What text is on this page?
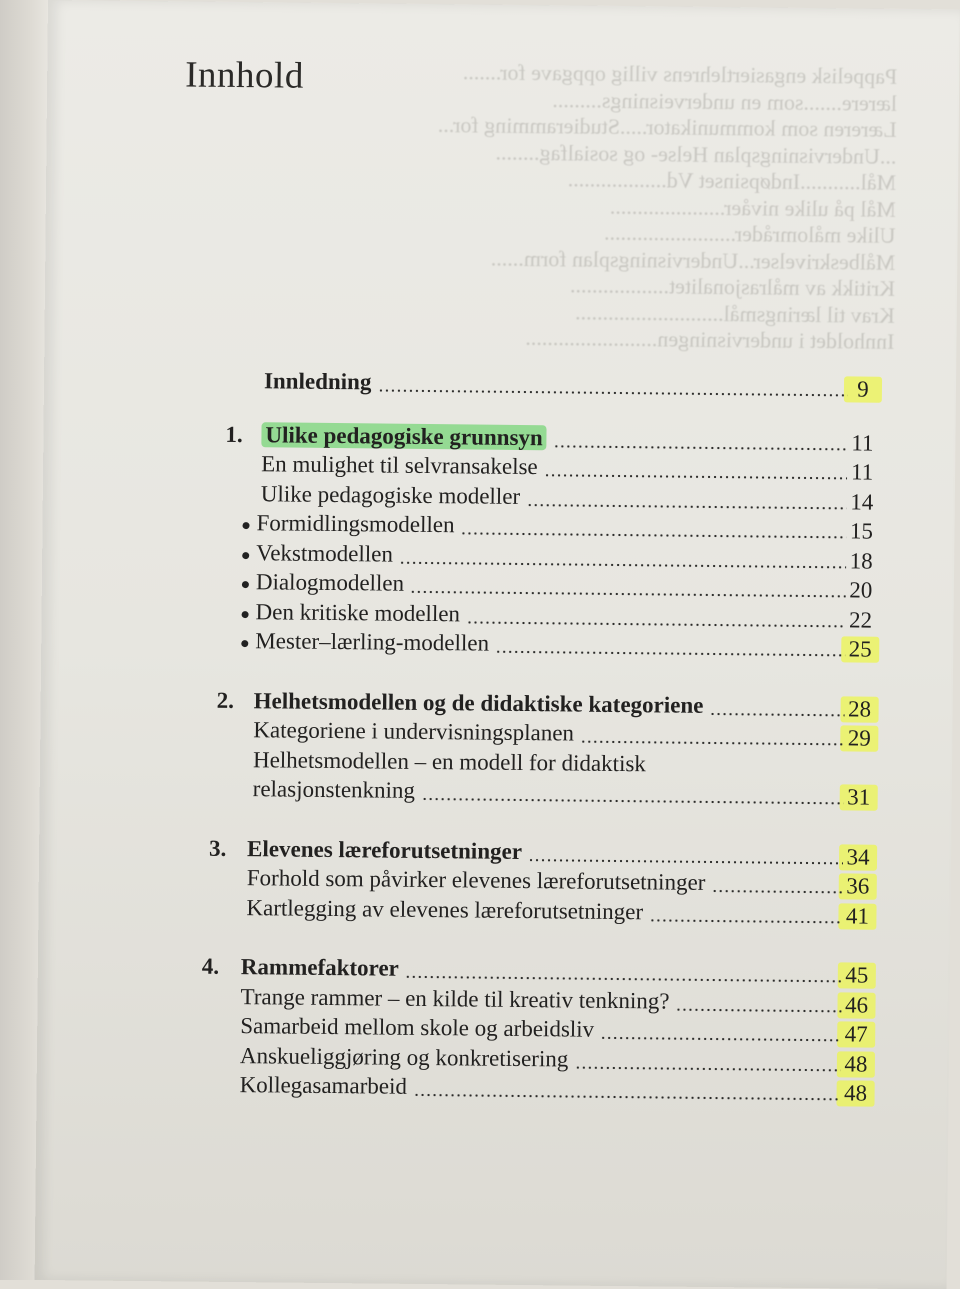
Pappelisk engasiertlehrens villig oppgave for.......
lærere.......som en underveisnings.........
Læreren som kommunikator.....Studieramming for...
...Undervisningsplan Helse- og sosialfag........
Mål...........Indøpsinset Vd..................
Mål på ulike nivåer.....................
Ulike målområder........................
Målbeskrivelser...Undervisningsplan form......
Kritikk av målrasjonalitet..................
Krav til læringsmål...........................
Innholdet i undervisningen........................
Innhold
Innledning	9
1. Ulike pedagogiske grunnsyn	11
En mulighet til selvransakelse	11
Ulike pedagogiske modeller	14
Formidlingsmodellen	15
Vekstmodellen	18
Dialogmodellen	20
Den kritiske modellen	22
Mester–lærling-modellen	25
2. Helhetsmodellen og de didaktiske kategoriene	28
Kategoriene i undervisningsplanen	29
Helhetsmodellen – en modell for didaktisk
relasjonstenkning	31
3. Elevenes læreforutsetninger	34
Forhold som påvirker elevenes læreforutsetninger	36
Kartlegging av elevenes læreforutsetninger	41
4. Rammefaktorer	45
Trange rammer – en kilde til kreativ tenkning?	46
Samarbeid mellom skole og arbeidsliv	47
Anskueliggjøring og konkretisering	48
Kollegasamarbeid	48
